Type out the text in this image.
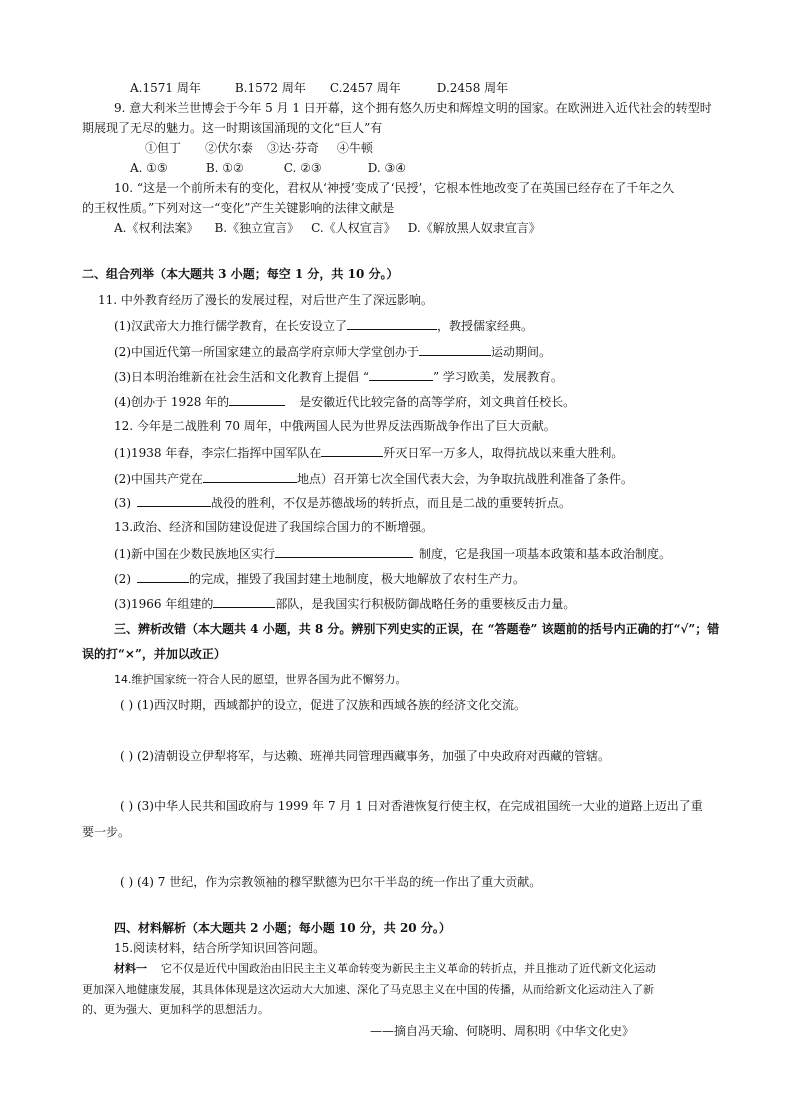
A.1571 周年	B.1572 周年 C.2457 周年	D.2458 周年
9. 意大利米兰世博会于今年 5 月 1 日开幕，这个拥有悠久历史和辉煌文明的国家。在欧洲进入近代社会的转型时
期展现了无尽的魅力。这一时期该国涌现的文化“巨人”有
①但丁 ②伏尔泰 ③达·芬奇 ④牛顿
A. ①⑤	B. ①②	C. ②③	D. ③④
10. “这是一个前所未有的变化，君权从‘神授’变成了‘民授’，它根本性地改变了在英国已经存在了千年之久
的王权性质。”下列对这一“变化”产生关键影响的法律文献是
A.《权利法案》 B.《独立宣言》 C.《人权宣言》 D.《解放黑人奴隶宣言》
二、组合列举（本大题共 3 小题；每空 1 分，共 10 分。）
11. 中外教育经历了漫长的发展过程，对后世产生了深远影响。
(1)汉武帝大力推行儒学教育，在长安设立了	，教授儒家经典。
(2)中国近代第一所国家建立的最高学府京师大学堂创办于	运动期间。
(3)日本明治维新在社会生活和文化教育上提倡 “	” 学习欧美，发展教育。
(4)创办于 1928 年的	是安徽近代比较完备的高等学府，刘文典首任校长。
12. 今年是二战胜利 70 周年，中俄两国人民为世界反法西斯战争作出了巨大贡献。
(1)1938 年春，李宗仁指挥中国军队在	歼灭日军一万多人，取得抗战以来重大胜利。
(2)中国共产党在	地点）召开第七次全国代表大会，为争取抗战胜利准备了条件。
(3)	战役的胜利，不仅是苏德战场的转折点，而且是二战的重要转折点。
13.政治、经济和国防建设促进了我国综合国力的不断增强。
(1)新中国在少数民族地区实行	制度，它是我国一项基本政策和基本政治制度。
(2)	的完成，摧毁了我国封建土地制度，极大地解放了农村生产力。
(3)1966 年组建的	部队，是我国实行积极防御战略任务的重要核反击力量。
三、辨析改错（本大题共 4 小题，共 8 分。辨别下列史实的正误，在 “答题卷” 该题前的括号内正确的打“√”；错
误的打“×”，并加以改正）
14.维护国家统一符合人民的愿望，世界各国为此不懈努力。
( ) (1)西汉时期，西域都护的设立，促进了汉族和西域各族的经济文化交流。
( ) (2)清朝设立伊犁将军，与达赖、班禅共同管理西藏事务，加强了中央政府对西藏的管辖。
( ) (3)中华人民共和国政府与 1999 年 7 月 1 日对香港恢复行使主权，在完成祖国统一大业的道路上迈出了重
要一步。
( ) (4) 7 世纪，作为宗教领袖的穆罕默德为巴尔干半岛的统一作出了重大贡献。
四、材料解析（本大题共 2 小题；每小题 10 分，共 20 分。）
15.阅读材料，结合所学知识回答问题。
材料一 它不仅是近代中国政治由旧民主主义革命转变为新民主主义革命的转折点，并且推动了近代新文化运动
更加深入地健康发展，其具体体现是这次运动大大加速、深化了马克思主义在中国的传播，从而给新文化运动注入了新
的、更为强大、更加科学的思想活力。
——摘自冯天瑜、何晓明、周积明《中华文化史》
